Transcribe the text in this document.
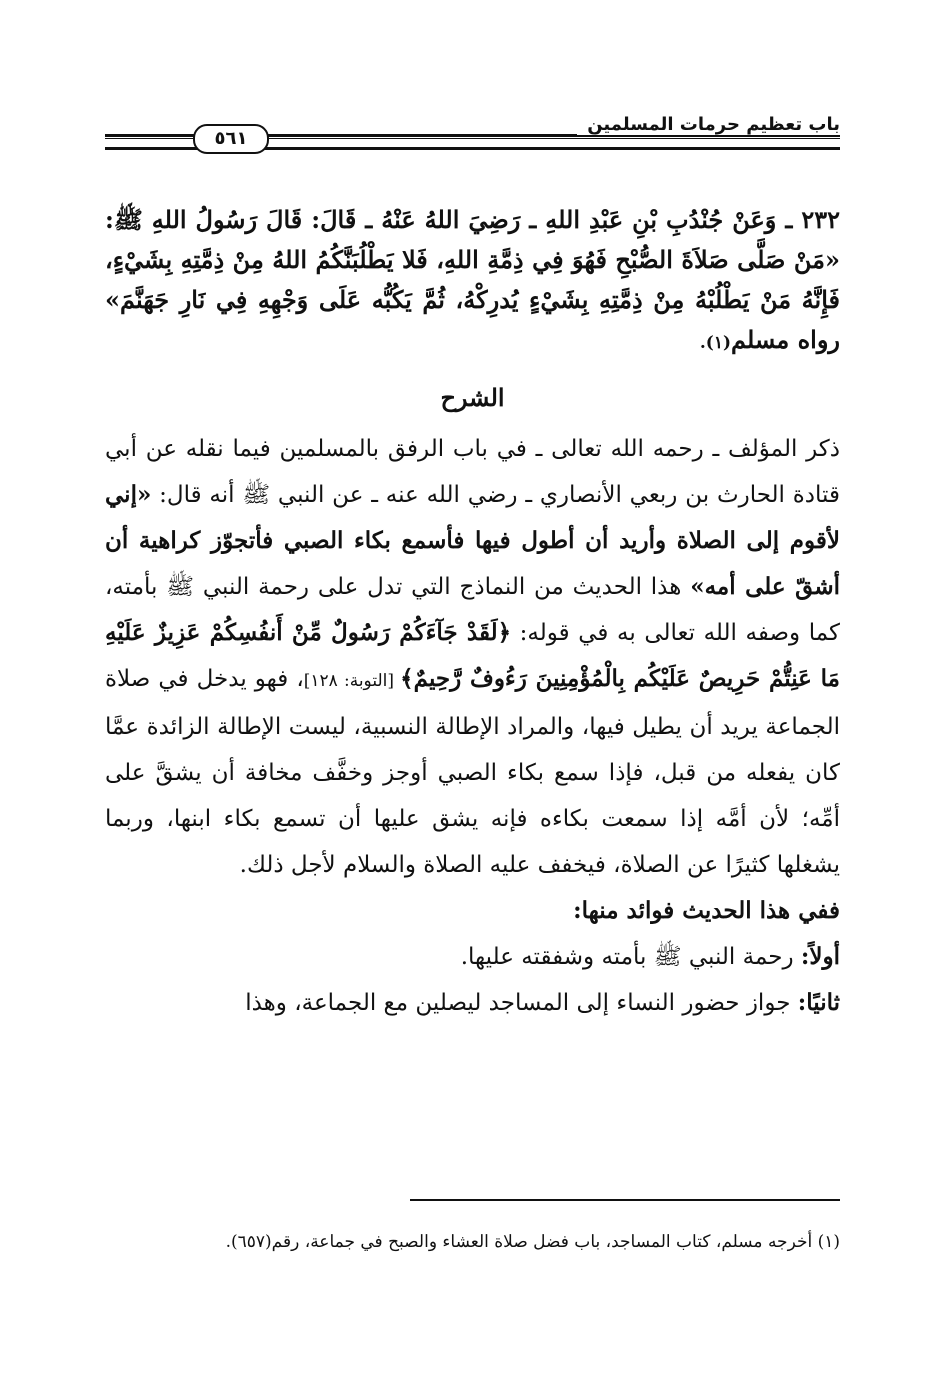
باب تعظيم حرمات المسلمين
٥٦١

٢٣٢ ـ وَعَنْ جُنْدُبِ بْنِ عَبْدِ اللهِ ـ رَضِيَ اللهُ عَنْهُ ـ قَالَ: قَالَ رَسُولُ اللهِ ﷺ: «مَنْ صَلَّى صَلاَةَ الصُّبْحِ فَهُوَ فِي ذِمَّةِ اللهِ، فَلا يَطْلُبَنَّكُمُ اللهُ مِنْ ذِمَّتِهِ بِشَيْءٍ، فَإِنَّهُ مَنْ يَطْلُبْهُ مِنْ ذِمَّتِهِ بِشَيْءٍ يُدرِكْهُ، ثُمَّ يَكُبُّه عَلَى وَجْهِهِ فِي نَارِ جَهَنَّمَ» رواه مسلم(١).

الشرح

ذكر المؤلف ـ رحمه الله تعالى ـ في باب الرفق بالمسلمين فيما نقله عن أبي قتادة الحارث بن ربعي الأنصاري ـ رضي الله عنه ـ عن النبي ﷺ أنه قال: «إني لأقوم إلى الصلاة وأريد أن أطول فيها فأسمع بكاء الصبي فأتجوّز كراهية أن أشقّ على أمه» هذا الحديث من النماذج التي تدل على رحمة النبي ﷺ بأمته، كما وصفه الله تعالى به في قوله: ﴿لَقَدْ جَآءَكُمْ رَسُولٌ مِّنْ أَنفُسِكُمْ عَزِيزٌ عَلَيْهِ مَا عَنِتُّمْ حَرِيصٌ عَلَيْكُم بِالْمُؤْمِنِينَ رَءُوفٌ رَّحِيمٌ﴾ [التوبة: ١٢٨]، فهو يدخل في صلاة الجماعة يريد أن يطيل فيها، والمراد الإطالة النسبية، ليست الإطالة الزائدة عمَّا كان يفعله من قبل، فإذا سمع بكاء الصبي أوجز وخفَّف مخافة أن يشقَّ على أمِّه؛ لأن أمَّه إذا سمعت بكاءه فإنه يشق عليها أن تسمع بكاء ابنها، وربما يشغلها كثيرًا عن الصلاة، فيخفف عليه الصلاة والسلام لأجل ذلك.

ففي هذا الحديث فوائد منها:

أولاً: رحمة النبي ﷺ بأمته وشفقته عليها.

ثانيًا: جواز حضور النساء إلى المساجد ليصلين مع الجماعة، وهذا

(١) أخرجه مسلم، كتاب المساجد، باب فضل صلاة العشاء والصبح في جماعة، رقم(٦٥٧).
